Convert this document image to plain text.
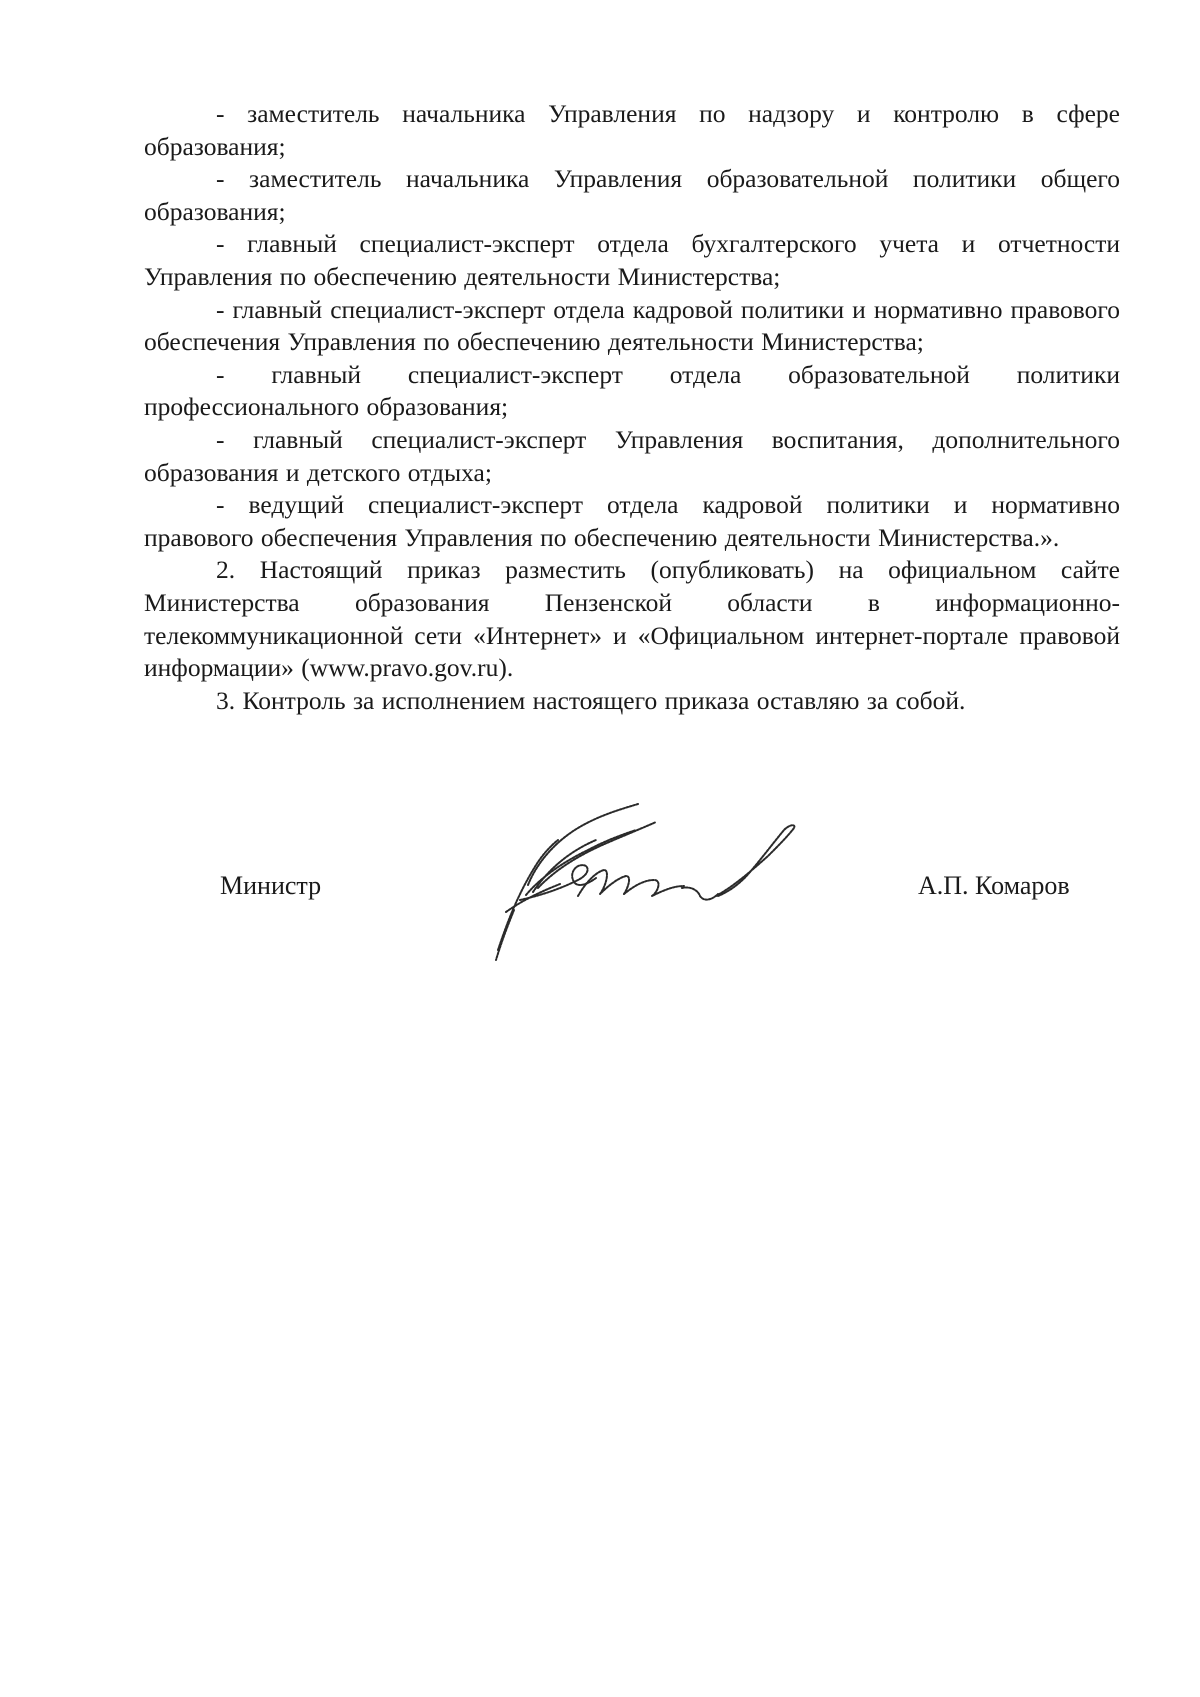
- заместитель начальника Управления по надзору и контролю в сфере образования;

- заместитель начальника Управления образовательной политики общего образования;

- главный специалист-эксперт отдела бухгалтерского учета и отчетности Управления по обеспечению деятельности Министерства;

- главный специалист-эксперт отдела кадровой политики и нормативно правового обеспечения Управления по обеспечению деятельности Министерства;

- главный специалист-эксперт отдела образовательной политики профессионального образования;

- главный специалист-эксперт Управления воспитания, дополнительного образования и детского отдыха;

- ведущий специалист-эксперт отдела кадровой политики и нормативно правового обеспечения Управления по обеспечению деятельности Министерства.».

2. Настоящий приказ разместить (опубликовать) на официальном сайте Министерства образования Пензенской области в информационно-телекоммуникационной сети «Интернет» и «Официальном интернет-портале правовой информации» (www.pravo.gov.ru).

3. Контроль за исполнением настоящего приказа оставляю за собой.

Министр	А.П. Комаров
